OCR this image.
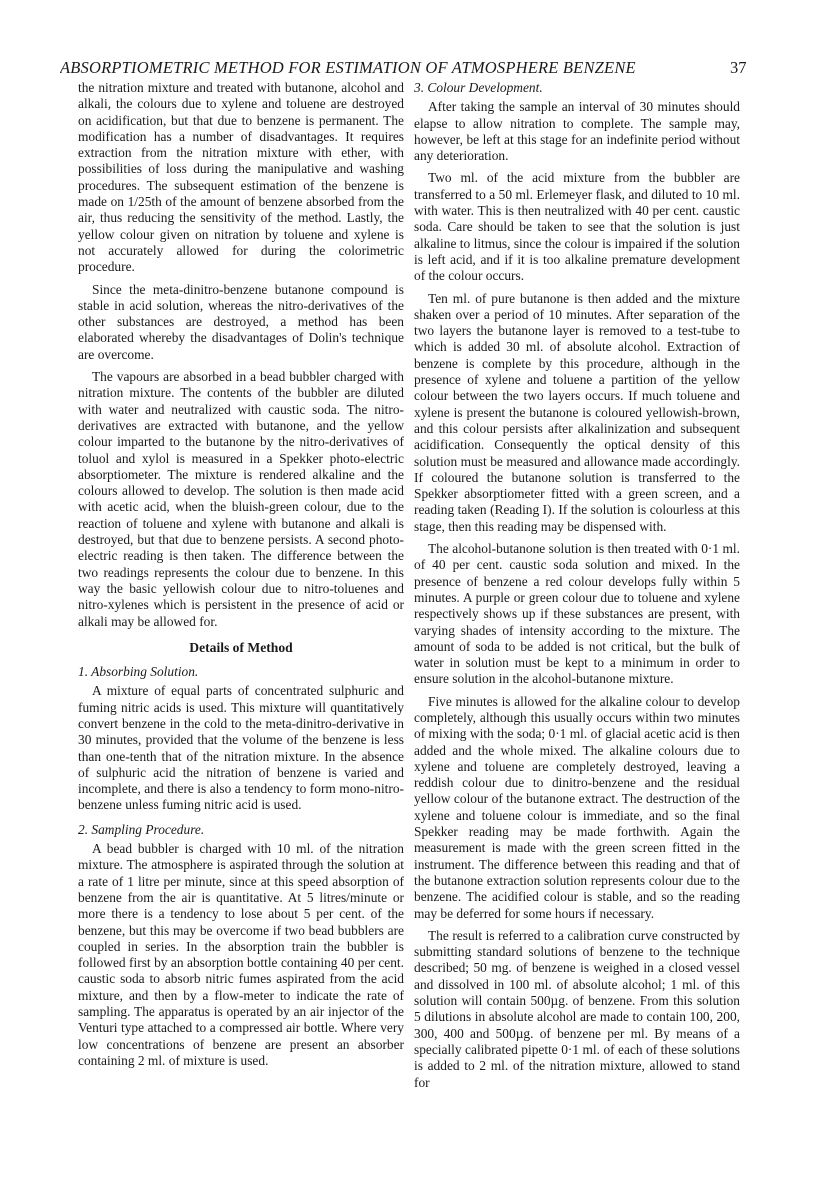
ABSORPTIOMETRIC METHOD FOR ESTIMATION OF ATMOSPHERE BENZENE	37

the nitration mixture and treated with butanone, alcohol and alkali, the colours due to xylene and toluene are destroyed on acidification, but that due to benzene is permanent. The modification has a number of disadvantages. It requires extraction from the nitration mixture with ether, with possibilities of loss during the manipulative and washing procedures. The subsequent estimation of the benzene is made on 1/25th of the amount of benzene absorbed from the air, thus reducing the sensitivity of the method. Lastly, the yellow colour given on nitration by toluene and xylene is not accurately allowed for during the colorimetric procedure.

Since the meta-dinitro-benzene butanone compound is stable in acid solution, whereas the nitro-derivatives of the other substances are destroyed, a method has been elaborated whereby the disadvantages of Dolin's technique are overcome.

The vapours are absorbed in a bead bubbler charged with nitration mixture. The contents of the bubbler are diluted with water and neutralized with caustic soda. The nitro-derivatives are extracted with butanone, and the yellow colour imparted to the butanone by the nitro-derivatives of toluol and xylol is measured in a Spekker photo-electric absorptiometer. The mixture is rendered alkaline and the colours allowed to develop. The solution is then made acid with acetic acid, when the bluish-green colour, due to the reaction of toluene and xylene with butanone and alkali is destroyed, but that due to benzene persists. A second photo-electric reading is then taken. The difference between the two readings represents the colour due to benzene. In this way the basic yellowish colour due to nitro-toluenes and nitro-xylenes which is persistent in the presence of acid or alkali may be allowed for.

Details of Method
1. Absorbing Solution.

A mixture of equal parts of concentrated sulphuric and fuming nitric acids is used. This mixture will quantitatively convert benzene in the cold to the meta-dinitro-derivative in 30 minutes, provided that the volume of the benzene is less than one-tenth that of the nitration mixture. In the absence of sulphuric acid the nitration of benzene is varied and incomplete, and there is also a tendency to form mono-nitro-benzene unless fuming nitric acid is used.

2. Sampling Procedure.

A bead bubbler is charged with 10 ml. of the nitration mixture. The atmosphere is aspirated through the solution at a rate of 1 litre per minute, since at this speed absorption of benzene from the air is quantitative. At 5 litres/minute or more there is a tendency to lose about 5 per cent. of the benzene, but this may be overcome if two bead bubblers are coupled in series. In the absorption train the bubbler is followed first by an absorption bottle containing 40 per cent. caustic soda to absorb nitric fumes aspirated from the acid mixture, and then by a flow-meter to indicate the rate of sampling. The apparatus is operated by an air injector of the Venturi type attached to a compressed air bottle. Where very low concentrations of benzene are present an absorber containing 2 ml. of mixture is used.

3. Colour Development.

After taking the sample an interval of 30 minutes should elapse to allow nitration to complete. The sample may, however, be left at this stage for an indefinite period without any deterioration.

Two ml. of the acid mixture from the bubbler are transferred to a 50 ml. Erlemeyer flask, and diluted to 10 ml. with water. This is then neutralized with 40 per cent. caustic soda. Care should be taken to see that the solution is just alkaline to litmus, since the colour is impaired if the solution is left acid, and if it is too alkaline premature development of the colour occurs.

Ten ml. of pure butanone is then added and the mixture shaken over a period of 10 minutes. After separation of the two layers the butanone layer is removed to a test-tube to which is added 30 ml. of absolute alcohol. Extraction of benzene is complete by this procedure, although in the presence of xylene and toluene a partition of the yellow colour between the two layers occurs. If much toluene and xylene is present the butanone is coloured yellowish-brown, and this colour persists after alkalinization and subsequent acidification. Consequently the optical density of this solution must be measured and allowance made accordingly. If coloured the butanone solution is transferred to the Spekker absorptiometer fitted with a green screen, and a reading taken (Reading I). If the solution is colourless at this stage, then this reading may be dispensed with.

The alcohol-butanone solution is then treated with 0·1 ml. of 40 per cent. caustic soda solution and mixed. In the presence of benzene a red colour develops fully within 5 minutes. A purple or green colour due to toluene and xylene respectively shows up if these substances are present, with varying shades of intensity according to the mixture. The amount of soda to be added is not critical, but the bulk of water in solution must be kept to a minimum in order to ensure solution in the alcohol-butanone mixture.

Five minutes is allowed for the alkaline colour to develop completely, although this usually occurs within two minutes of mixing with the soda; 0·1 ml. of glacial acetic acid is then added and the whole mixed. The alkaline colours due to xylene and toluene are completely destroyed, leaving a reddish colour due to dinitro-benzene and the residual yellow colour of the butanone extract. The destruction of the xylene and toluene colour is immediate, and so the final Spekker reading may be made forthwith. Again the measurement is made with the green screen fitted in the instrument. The difference between this reading and that of the butanone extraction solution represents colour due to the benzene. The acidified colour is stable, and so the reading may be deferred for some hours if necessary.

The result is referred to a calibration curve constructed by submitting standard solutions of benzene to the technique described; 50 mg. of benzene is weighed in a closed vessel and dissolved in 100 ml. of absolute alcohol; 1 ml. of this solution will contain 500µg. of benzene. From this solution 5 dilutions in absolute alcohol are made to contain 100, 200, 300, 400 and 500µg. of benzene per ml. By means of a specially calibrated pipette 0·1 ml. of each of these solutions is added to 2 ml. of the nitration mixture, allowed to stand for
